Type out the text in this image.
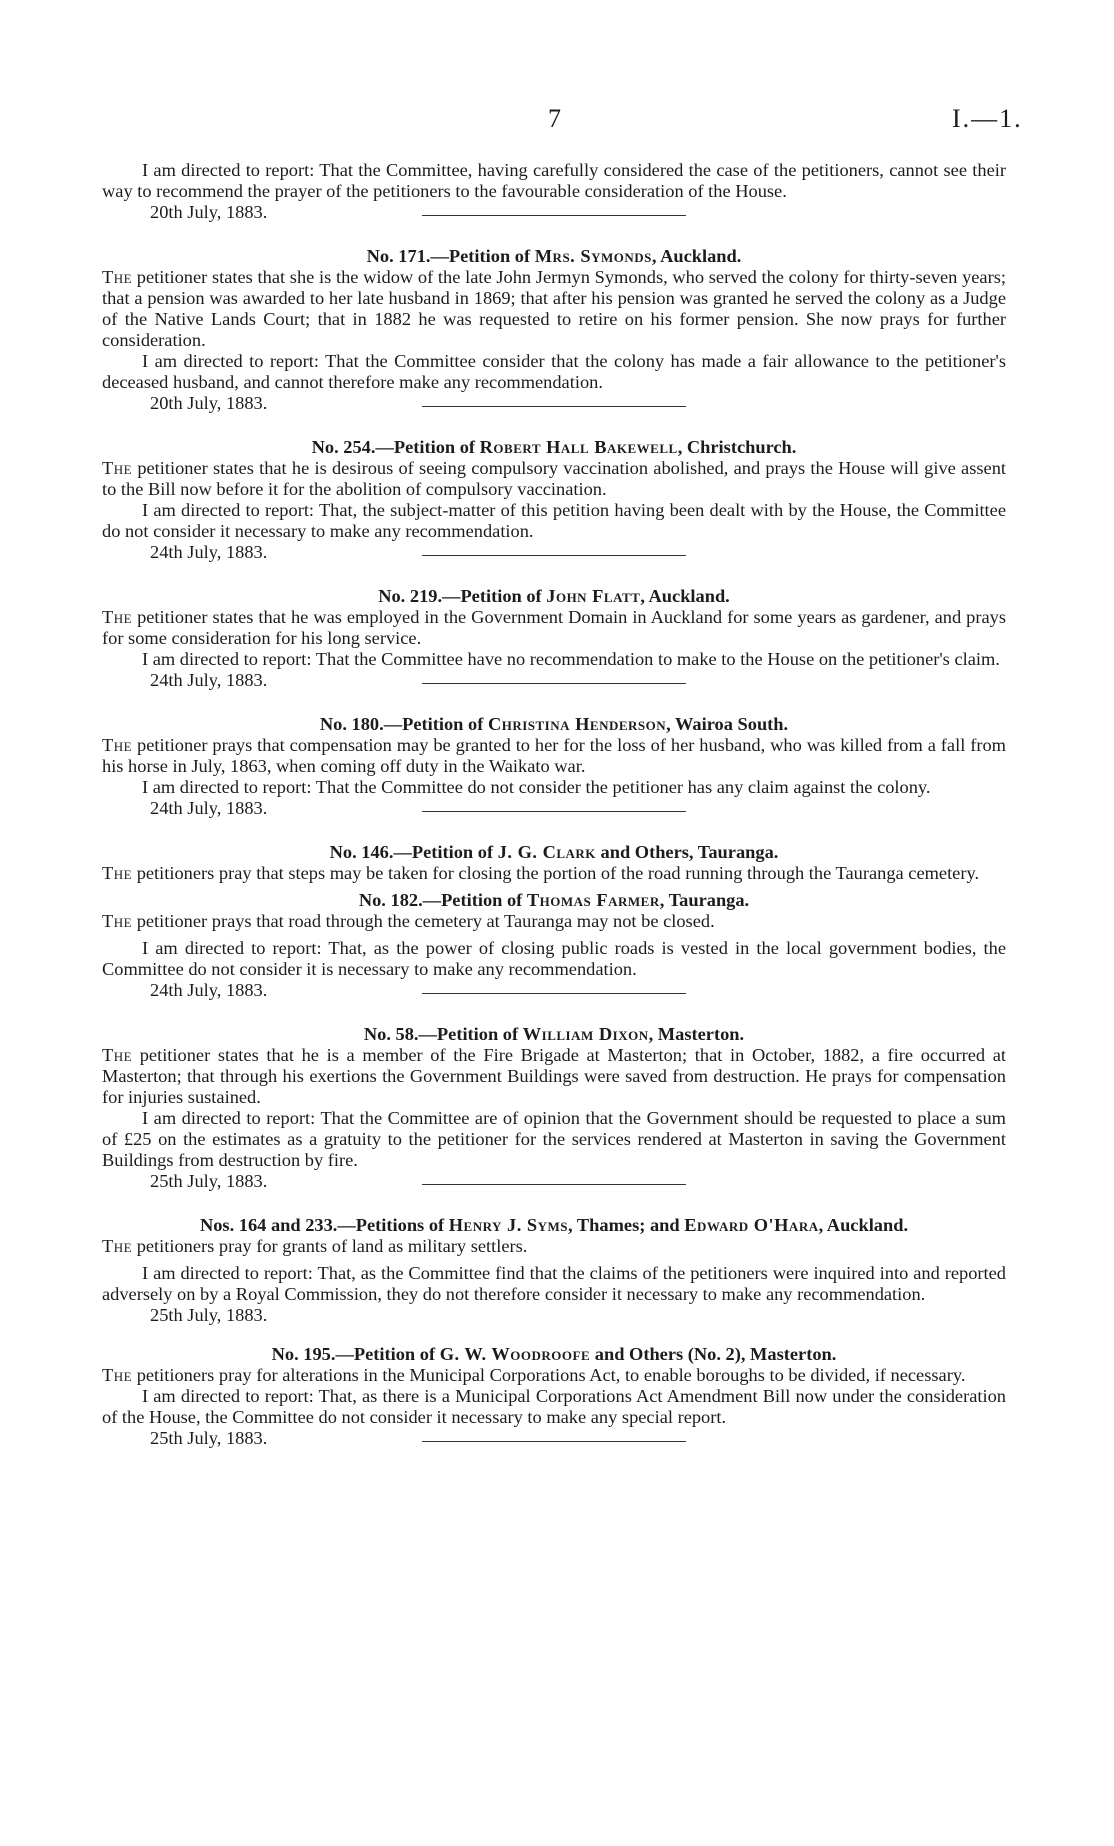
7	I.—1.

I am directed to report: That the Committee, having carefully considered the case of the petitioners, cannot see their way to recommend the prayer of the petitioners to the favourable consideration of the House.

20th July, 1883.
No. 171.—Petition of Mrs. Symonds, Auckland.

The petitioner states that she is the widow of the late John Jermyn Symonds, who served the colony for thirty-seven years; that a pension was awarded to her late husband in 1869; that after his pension was granted he served the colony as a Judge of the Native Lands Court; that in 1882 he was requested to retire on his former pension. She now prays for further consideration.

I am directed to report: That the Committee consider that the colony has made a fair allowance to the petitioner's deceased husband, and cannot therefore make any recommendation.

20th July, 1883.
No. 254.—Petition of Robert Hall Bakewell, Christchurch.

The petitioner states that he is desirous of seeing compulsory vaccination abolished, and prays the House will give assent to the Bill now before it for the abolition of compulsory vaccination.

I am directed to report: That, the subject-matter of this petition having been dealt with by the House, the Committee do not consider it necessary to make any recommendation.

24th July, 1883.
No. 219.—Petition of John Flatt, Auckland.

The petitioner states that he was employed in the Government Domain in Auckland for some years as gardener, and prays for some consideration for his long service.

I am directed to report: That the Committee have no recommendation to make to the House on the petitioner's claim.

24th July, 1883.
No. 180.—Petition of Christina Henderson, Wairoa South.

The petitioner prays that compensation may be granted to her for the loss of her husband, who was killed from a fall from his horse in July, 1863, when coming off duty in the Waikato war.

I am directed to report: That the Committee do not consider the petitioner has any claim against the colony.

24th July, 1883.
No. 146.—Petition of J. G. Clark and Others, Tauranga.

The petitioners pray that steps may be taken for closing the portion of the road running through the Tauranga cemetery.

No. 182.—Petition of Thomas Farmer, Tauranga.

The petitioner prays that road through the cemetery at Tauranga may not be closed.

I am directed to report: That, as the power of closing public roads is vested in the local government bodies, the Committee do not consider it is necessary to make any recommendation.

24th July, 1883.
No. 58.—Petition of William Dixon, Masterton.

The petitioner states that he is a member of the Fire Brigade at Masterton; that in October, 1882, a fire occurred at Masterton; that through his exertions the Government Buildings were saved from destruction. He prays for compensation for injuries sustained.

I am directed to report: That the Committee are of opinion that the Government should be requested to place a sum of £25 on the estimates as a gratuity to the petitioner for the services rendered at Masterton in saving the Government Buildings from destruction by fire.

25th July, 1883.
Nos. 164 and 233.—Petitions of Henry J. Syms, Thames; and Edward O'Hara, Auckland.

The petitioners pray for grants of land as military settlers.

I am directed to report: That, as the Committee find that the claims of the petitioners were inquired into and reported adversely on by a Royal Commission, they do not therefore consider it necessary to make any recommendation.

25th July, 1883.
No. 195.—Petition of G. W. Woodroofe and Others (No. 2), Masterton.

The petitioners pray for alterations in the Municipal Corporations Act, to enable boroughs to be divided, if necessary.

I am directed to report: That, as there is a Municipal Corporations Act Amendment Bill now under the consideration of the House, the Committee do not consider it necessary to make any special report.

25th July, 1883.
